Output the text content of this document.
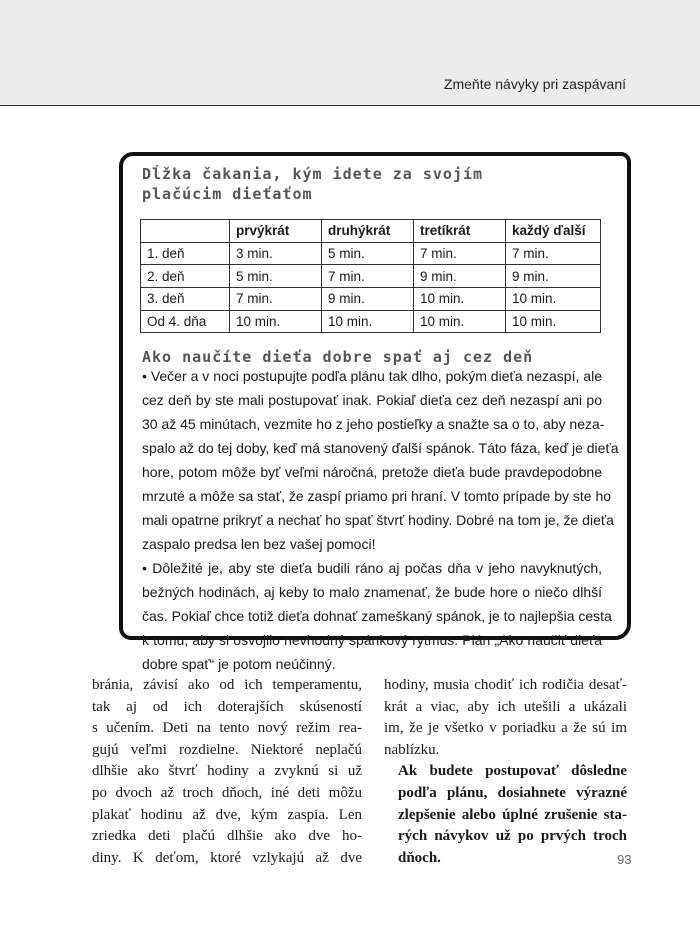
Zmeňte návyky pri zaspávaní
Dĺžka čakania, kým idete za svojím
plačúcim dieťaťom
	prvýkrát	druhýkrát	tretíkrát	každý ďalší
1. deň	3 min.	5 min.	7 min.	7 min.
2. deň	5 min.	7 min.	9 min.	9 min.
3. deň	7 min.	9 min.	10 min.	10 min.
Od 4. dňa	10 min.	10 min.	10 min.	10 min.
Ako naučíte dieťa dobre spať aj cez deň
• Večer a v noci postupujte podľa plánu tak dlho, pokým dieťa nezaspí, ale
cez deň by ste mali postupovať inak. Pokiaľ dieťa cez deň nezaspí ani po
30 až 45 minútach, vezmite ho z jeho postieľky a snažte sa o to, aby neza-
spalo až do tej doby, keď má stanovený ďalší spánok. Táto fáza, keď je dieťa
hore, potom môže byť veľmi náročná, pretože dieťa bude pravdepodobne
mrzuté a môže sa stať, že zaspí priamo pri hraní. V tomto prípade by ste ho
mali opatrne prikryť a nechať ho spať štvrť hodiny. Dobré na tom je, že dieťa
zaspalo predsa len bez vašej pomoci!
• Dôležité je, aby ste dieťa budili ráno aj počas dňa v jeho navyknutých,
bežných hodinách, aj keby to malo znamenať, že bude hore o niečo dlhší
čas. Pokiaľ chce totiž dieťa dohnať zameškaný spánok, je to najlepšia cesta
k tomu, aby si osvojilo nevhodný spánkový rytmus. Plán „Ako naučiť dieťa
dobre spať“ je potom neúčinný.
bránia, závisí ako od ich temperamentu,
tak aj od ich doterajších skúseností
s učením. Deti na tento nový režim rea-
gujú veľmi rozdielne. Niektoré neplačú
dlhšie ako štvrť hodiny a zvyknú si už
po dvoch až troch dňoch, iné deti môžu
plakať hodinu až dve, kým zaspia. Len
zriedka deti plačú dlhšie ako dve ho-
diny. K deťom, ktoré vzlykajú až dve
hodiny, musia chodiť ich rodičia desať-
krát a viac, aby ich utešili a ukázali
im, že je všetko v poriadku a že sú im
nablízku.
Ak budete postupovať dôsledne
podľa plánu, dosiahnete výrazné
zlepšenie alebo úplné zrušenie sta-
rých návykov už po prvých troch
dňoch.	93
